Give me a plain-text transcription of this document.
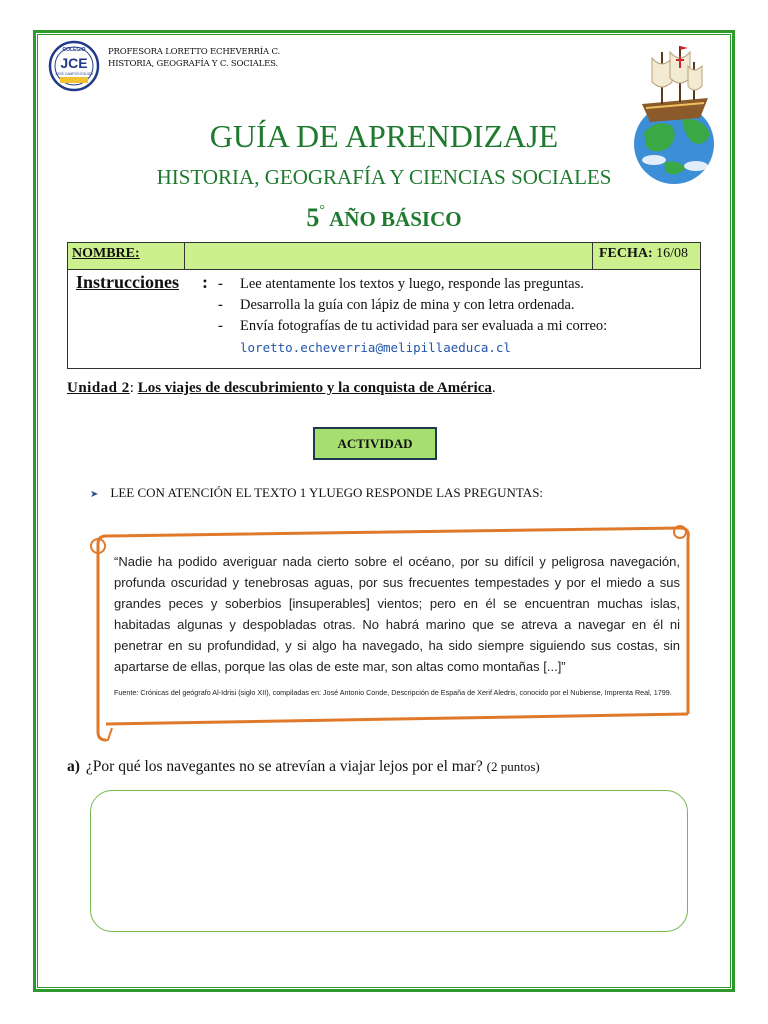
COLEGIO
JCE
JOSE CAMPOS EGUIZA
PROFESORA LORETTO ECHEVERRÍA C.
HISTORIA, GEOGRAFÍA Y C. SOCIALES.
GUÍA DE APRENDIZAJE
HISTORIA, GEOGRAFÍA Y CIENCIAS SOCIALES
5° AÑO BÁSICO
NOMBRE:	FECHA: 16/08
Instrucciones : - Lee atentamente los textos y luego, responde las preguntas.
- Desarrolla la guía con lápiz de mina y con letra ordenada.
- Envía fotografías de tu actividad para ser evaluada a mi correo: loretto.echeverria@melipillaeduca.cl
Unidad 2: Los viajes de descubrimiento y la conquista de América.
ACTIVIDAD
➤ LEE CON ATENCIÓN EL TEXTO 1 YLUEGO RESPONDE LAS PREGUNTAS:
“Nadie ha podido averiguar nada cierto sobre el océano, por su difícil y peligrosa navegación, profunda oscuridad y tenebrosas aguas, por sus frecuentes tempestades y por el miedo a sus grandes peces y soberbios [insuperables] vientos; pero en él se encuentran muchas islas, habitadas algunas y despobladas otras. No habrá marino que se atreva a navegar en él ni penetrar en su profundidad, y si algo ha navegado, ha sido siempre siguiendo sus costas, sin apartarse de ellas, porque las olas de este mar, son altas como montañas [...]”
Fuente: Crónicas del geógrafo Al-Idrisi (siglo XII), compiladas en: José Antonio Conde, Descripción de España de Xerif Aledris, conocido por el Nubiense, Imprenta Real, 1799.
a) ¿Por qué los navegantes no se atrevían a viajar lejos por el mar? (2 puntos)
